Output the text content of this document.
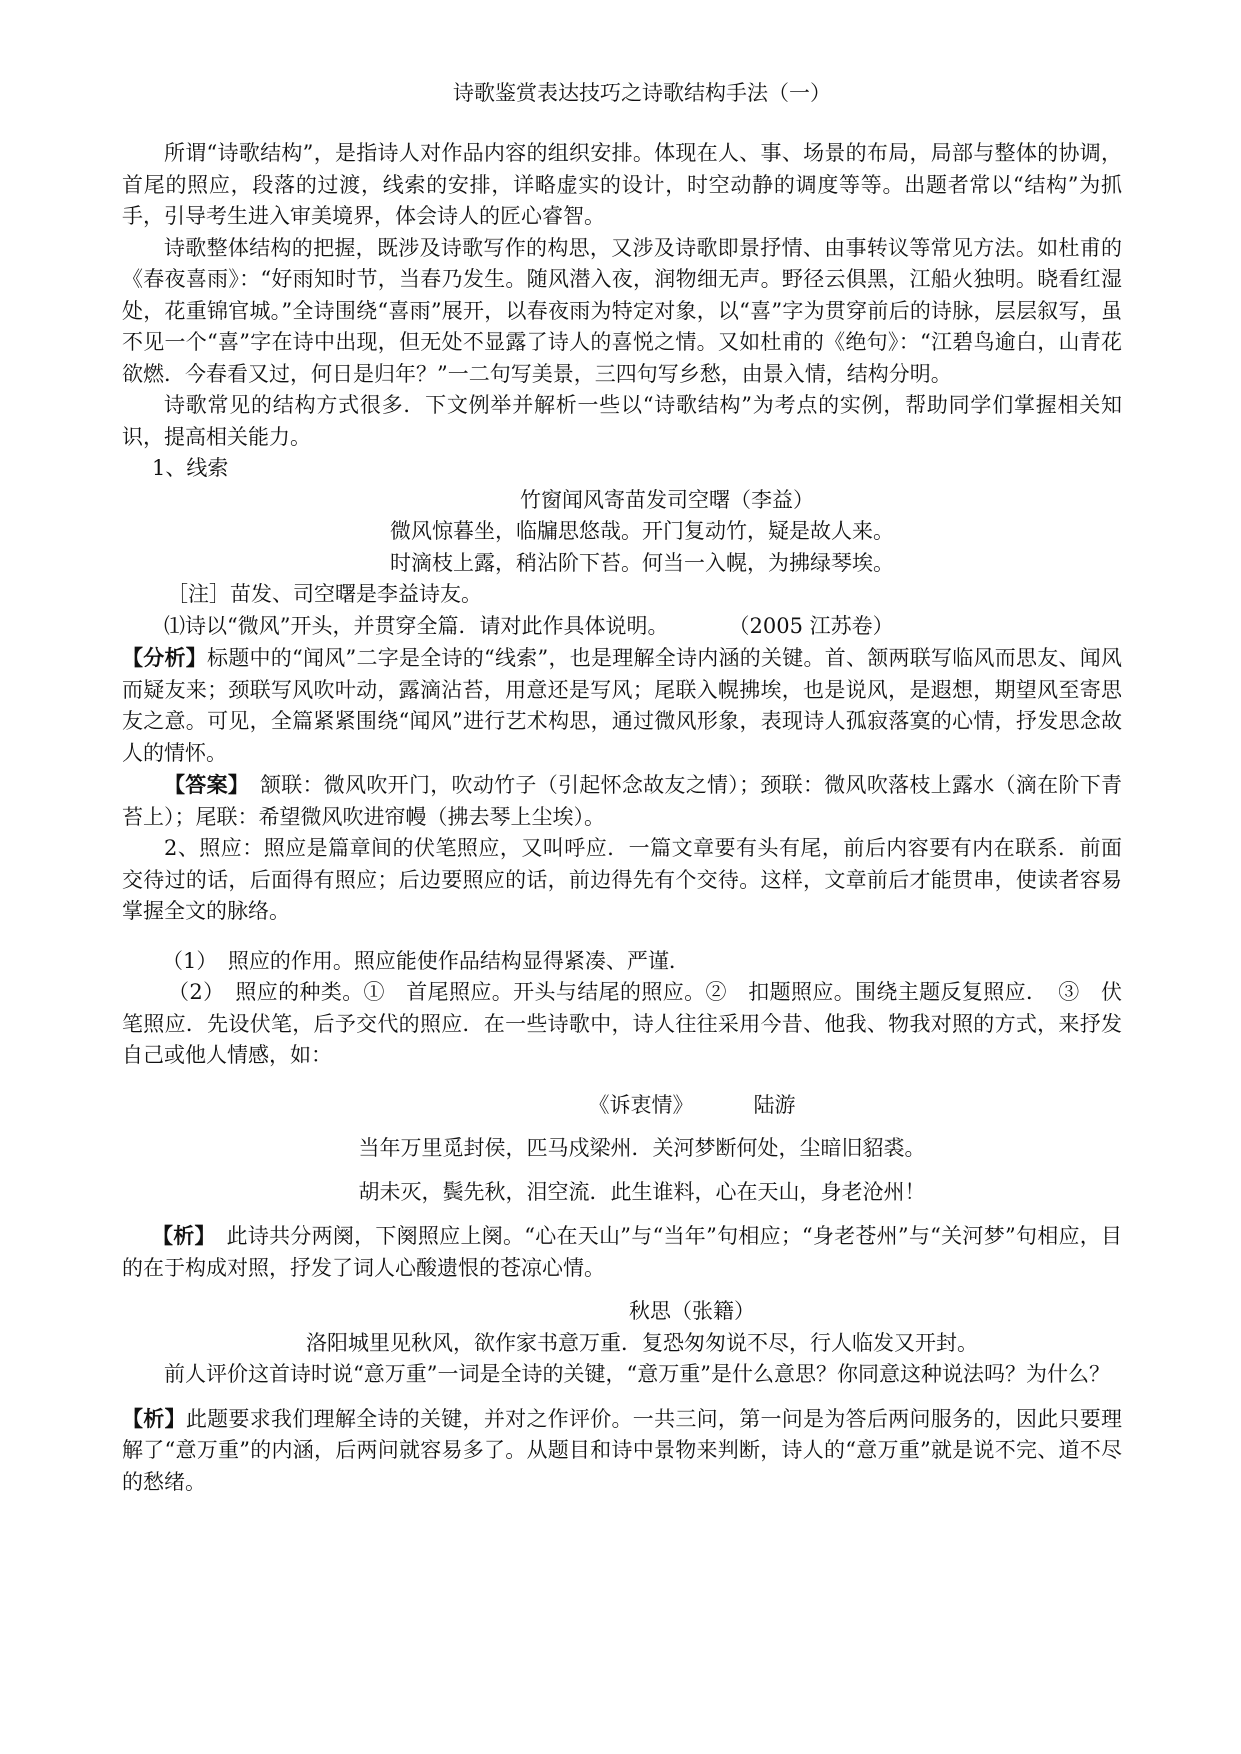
诗歌鉴赏表达技巧之诗歌结构手法（一）

所谓“诗歌结构”，是指诗人对作品内容的组织安排。体现在人、事、场景的布局，局部与整体的协调，首尾的照应，段落的过渡，线索的安排，详略虚实的设计，时空动静的调度等等。出题者常以“结构”为抓手，引导考生进入审美境界，体会诗人的匠心睿智。

诗歌整体结构的把握，既涉及诗歌写作的构思，又涉及诗歌即景抒情、由事转议等常见方法。如杜甫的《春夜喜雨》：“好雨知时节，当春乃发生。随风潜入夜，润物细无声。野径云俱黑，江船火独明。晓看红湿处，花重锦官城。”全诗围绕“喜雨”展开，以春夜雨为特定对象，以“喜”字为贯穿前后的诗脉，层层叙写，虽不见一个“喜”字在诗中出现，但无处不显露了诗人的喜悦之情。又如杜甫的《绝句》：“江碧鸟逾白，山青花欲燃．今春看又过，何日是归年？”一二句写美景，三四句写乡愁，由景入情，结构分明。

诗歌常见的结构方式很多．下文例举并解析一些以“诗歌结构”为考点的实例，帮助同学们掌握相关知识，提高相关能力。

1、线索

竹窗闻风寄苗发司空曙（李益）

微风惊暮坐，临牖思悠哉。开门复动竹，疑是故人来。

时滴枝上露，稍沾阶下苔。何当一入幌，为拂绿琴埃。

［注］苗发、司空曙是李益诗友。

⑴诗以“微风”开头，并贯穿全篇．请对此作具体说明。	（2005 江苏卷）

【分析】标题中的“闻风”二字是全诗的“线索”，也是理解全诗内涵的关键。首、颔两联写临风而思友、闻风而疑友来；颈联写风吹叶动，露滴沾苔，用意还是写风；尾联入幌拂埃，也是说风，是遐想，期望风至寄思友之意。可见，全篇紧紧围绕“闻风”进行艺术构思，通过微风形象，表现诗人孤寂落寞的心情，抒发思念故人的情怀。

【答案】　颔联：微风吹开门，吹动竹子（引起怀念故友之情）；颈联：微风吹落枝上露水（滴在阶下青苔上）；尾联：希望微风吹进帘幔（拂去琴上尘埃）。

2、照应：照应是篇章间的伏笔照应，又叫呼应．一篇文章要有头有尾，前后内容要有内在联系．前面交待过的话，后面得有照应；后边要照应的话，前边得先有个交待。这样，文章前后才能贯串，使读者容易掌握全文的脉络。

（1）　照应的作用。照应能使作品结构显得紧凑、严谨．

（2）　照应的种类。①　首尾照应。开头与结尾的照应。②　扣题照应。围绕主题反复照应．　③　伏笔照应．先设伏笔，后予交代的照应．在一些诗歌中，诗人往往采用今昔、他我、物我对照的方式，来抒发自己或他人情感，如：

《诉衷情》	陆游

当年万里觅封侯，匹马戍梁州．关河梦断何处，尘暗旧貂裘。

胡未灭，鬓先秋，泪空流．此生谁料，心在天山，身老沧州！

【析】　此诗共分两阕，下阕照应上阕。“心在天山”与“当年”句相应；“身老苍州”与“关河梦”句相应，目的在于构成对照，抒发了词人心酸遗恨的苍凉心情。

秋思（张籍）

洛阳城里见秋风，欲作家书意万重．复恐匆匆说不尽，行人临发又开封。

前人评价这首诗时说“意万重”一词是全诗的关键，“意万重”是什么意思？你同意这种说法吗？为什么？

【析】此题要求我们理解全诗的关键，并对之作评价。一共三问，第一问是为答后两问服务的，因此只要理解了“意万重”的内涵，后两问就容易多了。从题目和诗中景物来判断，诗人的“意万重”就是说不完、道不尽的愁绪。
